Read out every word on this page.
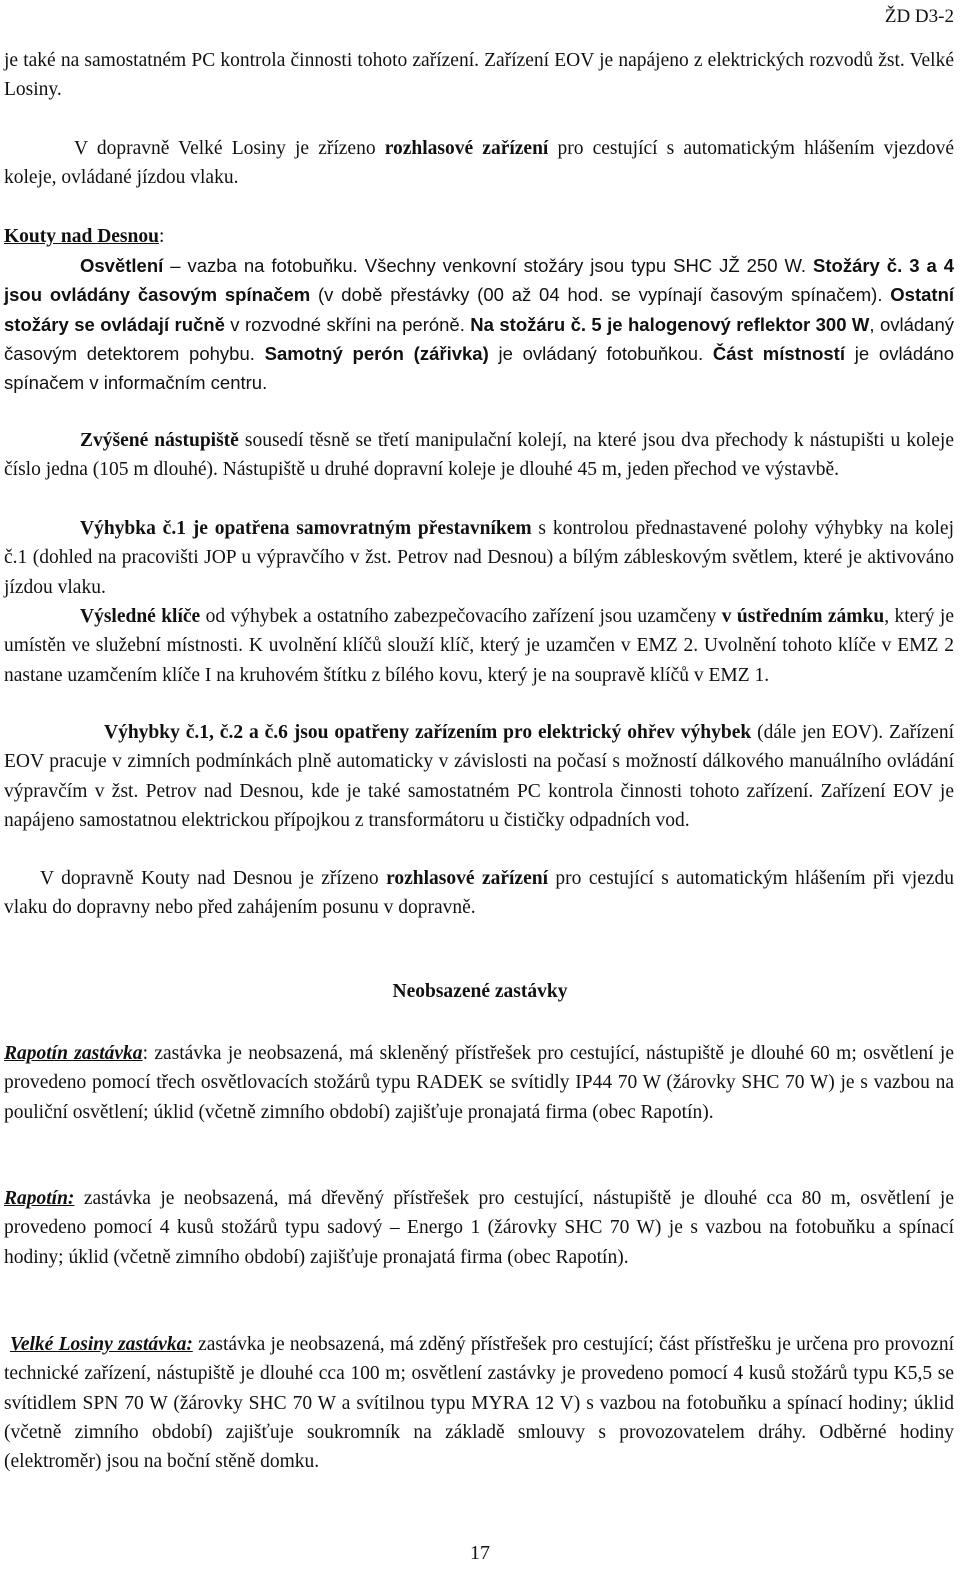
ŽD D3-2

je také na samostatném PC kontrola činnosti tohoto zařízení. Zařízení EOV je napájeno z elektrických rozvodů žst. Velké Losiny.

V dopravně Velké Losiny je zřízeno rozhlasové zařízení pro cestující s automatickým hlášením vjezdové koleje, ovládané jízdou vlaku.

Kouty nad Desnou:

Osvětlení – vazba na fotobuňku. Všechny venkovní stožáry jsou typu SHC JŽ 250 W. Stožáry č. 3 a 4 jsou ovládány časovým spínačem (v době přestávky (00 až 04 hod. se vypínají časovým spínačem). Ostatní stožáry se ovládají ručně v rozvodné skříni na peróně. Na stožáru č. 5 je halogenový reflektor 300 W, ovládaný časovým detektorem pohybu. Samotný perón (zářivka) je ovládaný fotobuňkou. Část místností je ovládáno spínačem v informačním centru.

Zvýšené nástupiště sousedí těsně se třetí manipulační kolejí, na které jsou dva přechody k nástupišti u koleje číslo jedna (105 m dlouhé). Nástupiště u druhé dopravní koleje je dlouhé 45 m, jeden přechod ve výstavbě.

Výhybka č.1 je opatřena samovratným přestavníkem s kontrolou přednastavené polohy výhybky na kolej č.1 (dohled na pracovišti JOP u výpravčího v žst. Petrov nad Desnou) a bílým zábleskovým světlem, které je aktivováno jízdou vlaku.

Výsledné klíče od výhybek a ostatního zabezpečovacího zařízení jsou uzamčeny v ústředním zámku, který je umístěn ve služební místnosti. K uvolnění klíčů slouží klíč, který je uzamčen v EMZ 2. Uvolnění tohoto klíče v EMZ 2 nastane uzamčením klíče I na kruhovém štítku z bílého kovu, který je na soupravě klíčů v EMZ 1.

Výhybky č.1, č.2 a č.6 jsou opatřeny zařízením pro elektrický ohřev výhybek (dále jen EOV). Zařízení EOV pracuje v zimních podmínkách plně automaticky v závislosti na počasí s možností dálkového manuálního ovládání výpravčím v žst. Petrov nad Desnou, kde je také samostatném PC kontrola činnosti tohoto zařízení. Zařízení EOV je napájeno samostatnou elektrickou přípojkou z transformátoru u čističky odpadních vod.

V dopravně Kouty nad Desnou je zřízeno rozhlasové zařízení pro cestující s automatickým hlášením při vjezdu vlaku do dopravny nebo před zahájením posunu v dopravně.

Neobsazené zastávky

Rapotín zastávka: zastávka je neobsazená, má skleněný přístřešek pro cestující, nástupiště je dlouhé 60 m; osvětlení je provedeno pomocí třech osvětlovacích stožárů typu RADEK se svítidly IP44 70 W (žárovky SHC 70 W) je s vazbou na pouliční osvětlení; úklid (včetně zimního období) zajišťuje pronajatá firma (obec Rapotín).

Rapotín: zastávka je neobsazená, má dřevěný přístřešek pro cestující, nástupiště je dlouhé cca 80 m, osvětlení je provedeno pomocí 4 kusů stožárů typu sadový – Energo 1 (žárovky SHC 70 W) je s vazbou na fotobuňku a spínací hodiny; úklid (včetně zimního období) zajišťuje pronajatá firma (obec Rapotín).

Velké Losiny zastávka: zastávka je neobsazená, má zděný přístřešek pro cestující; část přístřešku je určena pro provozní technické zařízení, nástupiště je dlouhé cca 100 m; osvětlení zastávky je provedeno pomocí 4 kusů stožárů typu K5,5 se svítidlem SPN 70 W (žárovky SHC 70 W a svítilnou typu MYRA 12 V) s vazbou na fotobuňku a spínací hodiny; úklid (včetně zimního období) zajišťuje soukromník na základě smlouvy s provozovatelem dráhy. Odběrné hodiny (elektroměr) jsou na boční stěně domku.

17
